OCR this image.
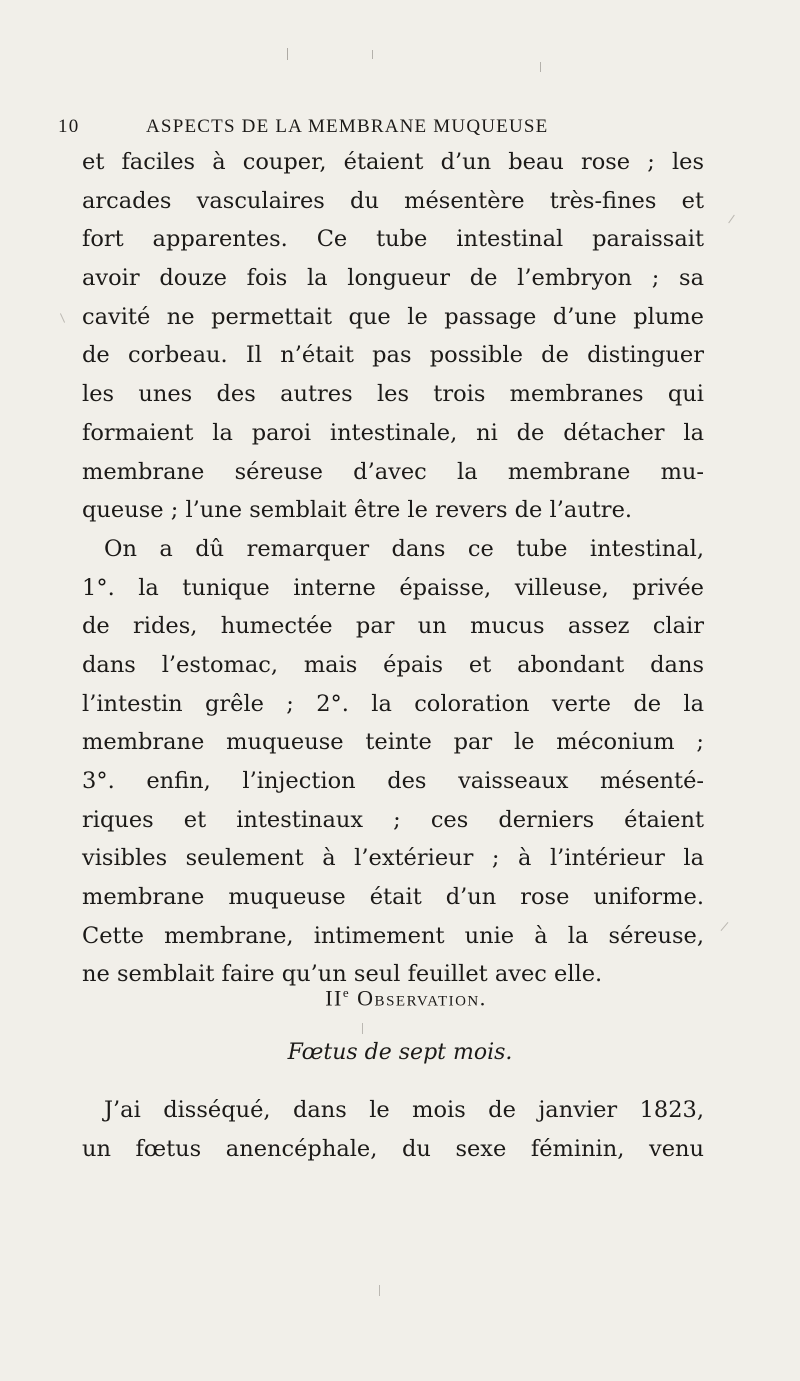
10	ASPECTS DE LA MEMBRANE MUQUEUSE
et faciles à couper, étaient d’un beau rose ; les
arcades vasculaires du mésentère très-fines et
fort apparentes. Ce tube intestinal paraissait
avoir douze fois la longueur de l’embryon ; sa
cavité ne permettait que le passage d’une plume
de corbeau. Il n’était pas possible de distinguer
les unes des autres les trois membranes qui
formaient la paroi intestinale, ni de détacher la
membrane séreuse d’avec la membrane mu-
queuse ; l’une semblait être le revers de l’autre.
On a dû remarquer dans ce tube intestinal,
1°. la tunique interne épaisse, villeuse, privée
de rides, humectée par un mucus assez clair
dans l’estomac, mais épais et abondant dans
l’intestin grêle ; 2°. la coloration verte de la
membrane muqueuse teinte par le méconium ;
3°. enfin, l’injection des vaisseaux mésenté-
riques et intestinaux ; ces derniers étaient
visibles seulement à l’extérieur ; à l’intérieur la
membrane muqueuse était d’un rose uniforme.
Cette membrane, intimement unie à la séreuse,
ne semblait faire qu’un seul feuillet avec elle.
IIe Observation.
Fœtus de sept mois.
J’ai disséqué, dans le mois de janvier 1823,
un fœtus anencéphale, du sexe féminin, venu
